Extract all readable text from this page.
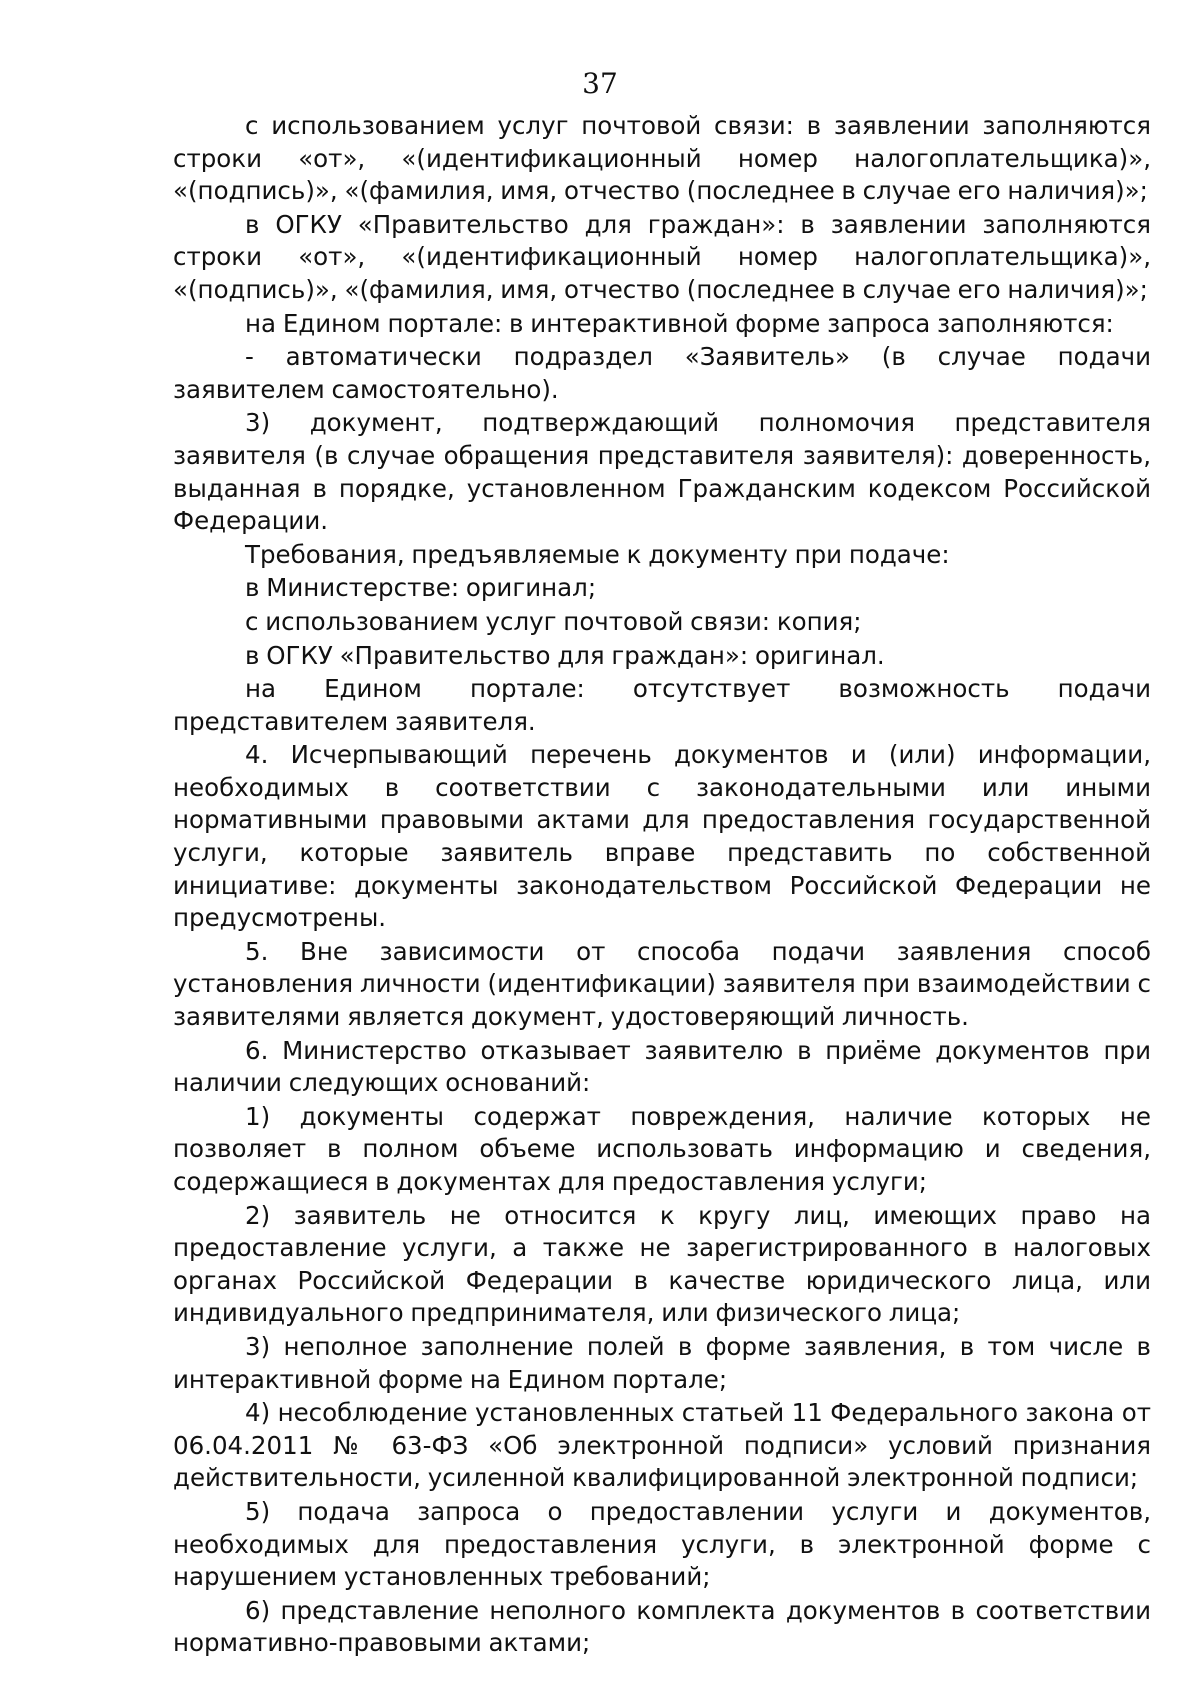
37

с использованием услуг почтовой связи: в заявлении заполняются строки «от», «(идентификационный номер налогоплательщика)», «(подпись)», «(фамилия, имя, отчество (последнее в случае его наличия)»;

в ОГКУ «Правительство для граждан»: в заявлении заполняются строки «от», «(идентификационный номер налогоплательщика)», «(подпись)», «(фамилия, имя, отчество (последнее в случае его наличия)»;

на Едином портале: в интерактивной форме запроса заполняются:

- автоматически подраздел «Заявитель» (в случае подачи заявителем самостоятельно).

3) документ, подтверждающий полномочия представителя заявителя (в случае обращения представителя заявителя): доверенность, выданная в порядке, установленном Гражданским кодексом Российской Федерации.

Требования, предъявляемые к документу при подаче:

в Министерстве: оригинал;

с использованием услуг почтовой связи: копия;

в ОГКУ «Правительство для граждан»: оригинал.

на Едином портале: отсутствует возможность подачи представителем заявителя.

4. Исчерпывающий перечень документов и (или) информации, необходимых в соответствии с законодательными или иными нормативными правовыми актами для предоставления государственной услуги, которые заявитель вправе представить по собственной инициативе: документы законодательством Российской Федерации не предусмотрены.

5. Вне зависимости от способа подачи заявления способ установления личности (идентификации) заявителя при взаимодействии с заявителями является документ, удостоверяющий личность.

6. Министерство отказывает заявителю в приёме документов при наличии следующих оснований:

1) документы содержат повреждения, наличие которых не позволяет в полном объеме использовать информацию и сведения, содержащиеся в документах для предоставления услуги;

2) заявитель не относится к кругу лиц, имеющих право на предоставление услуги, а также не зарегистрированного в налоговых органах Российской Федерации в качестве юридического лица, или индивидуального предпринимателя, или физического лица;

3) неполное заполнение полей в форме заявления, в том числе в интерактивной форме на Едином портале;

4) несоблюдение установленных статьей 11 Федерального закона от 06.04.2011 № 63-ФЗ «Об электронной подписи» условий признания действительности, усиленной квалифицированной электронной подписи;

5) подача запроса о предоставлении услуги и документов, необходимых для предоставления услуги, в электронной форме с нарушением установленных требований;

6) представление неполного комплекта документов в соответствии нормативно-правовыми актами;
